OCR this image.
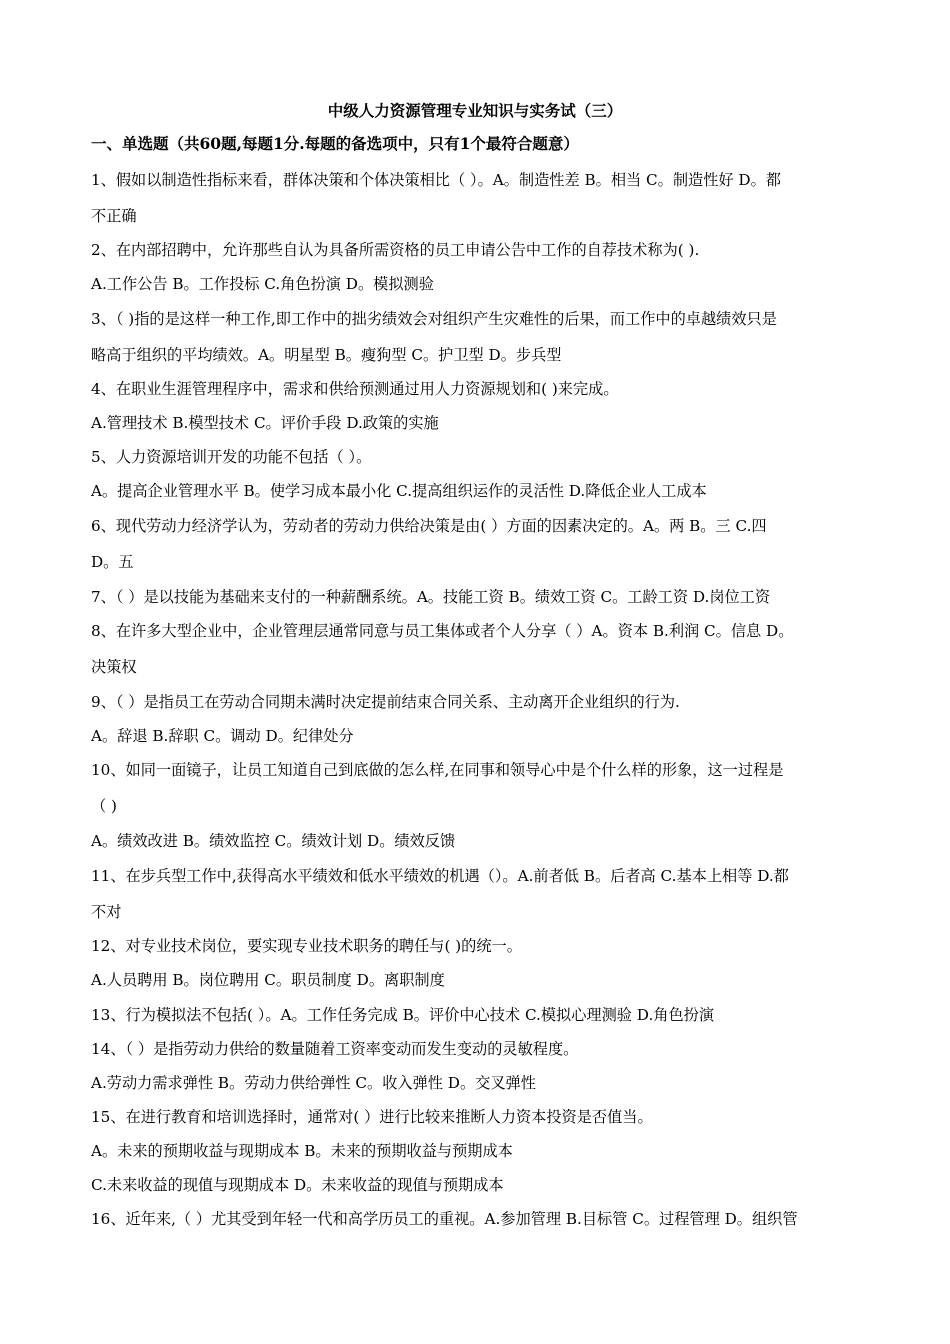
中级人力资源管理专业知识与实务试（三）
一、单选题（共60题,每题1分.每题的备选项中，只有1个最符合题意）
1、假如以制造性指标来看，群体决策和个体决策相比（ ）。A。制造性差 B。相当 C。制造性好 D。都
不正确
2、在内部招聘中，允许那些自认为具备所需资格的员工申请公告中工作的自荐技术称为( ).
A.工作公告 B。工作投标 C.角色扮演 D。模拟测验
3、（ )指的是这样一种工作,即工作中的拙劣绩效会对组织产生灾难性的后果，而工作中的卓越绩效只是
略高于组织的平均绩效。A。明星型 B。瘦狗型 C。护卫型 D。步兵型
4、在职业生涯管理程序中，需求和供给预测通过用人力资源规划和( )来完成。
A.管理技术 B.模型技术 C。评价手段 D.政策的实施
5、人力资源培训开发的功能不包括（ ）。
A。提高企业管理水平 B。使学习成本最小化 C.提高组织运作的灵活性 D.降低企业人工成本
6、现代劳动力经济学认为，劳动者的劳动力供给决策是由( ）方面的因素决定的。A。两 B。三 C.四
D。五
7、（ ）是以技能为基础来支付的一种薪酬系统。A。技能工资 B。绩效工资 C。工龄工资 D.岗位工资
8、在许多大型企业中，企业管理层通常同意与员工集体或者个人分享（ ）A。资本 B.利润 C。信息 D。
决策权
9、（ ）是指员工在劳动合同期未满时决定提前结束合同关系、主动离开企业组织的行为.
A。辞退 B.辞职 C。调动 D。纪律处分
10、如同一面镜子，让员工知道自己到底做的怎么样,在同事和领导心中是个什么样的形象，这一过程是
（ )
A。绩效改进 B。绩效监控 C。绩效计划 D。绩效反馈
11、在步兵型工作中,获得高水平绩效和低水平绩效的机遇（）。A.前者低 B。后者高 C.基本上相等 D.都
不对
12、对专业技术岗位，要实现专业技术职务的聘任与( )的统一。
A.人员聘用 B。岗位聘用 C。职员制度 D。离职制度
13、行为模拟法不包括( ）。A。工作任务完成 B。评价中心技术 C.模拟心理测验 D.角色扮演
14、（ ）是指劳动力供给的数量随着工资率变动而发生变动的灵敏程度。
A.劳动力需求弹性 B。劳动力供给弹性 C。收入弹性 D。交叉弹性
15、在进行教育和培训选择时，通常对( ）进行比较来推断人力资本投资是否值当。
A。未来的预期收益与现期成本 B。未来的预期收益与预期成本
C.未来收益的现值与现期成本 D。未来收益的现值与预期成本
16、近年来,（ ）尤其受到年轻一代和高学历员工的重视。A.参加管理 B.目标管 C。过程管理 D。组织管
